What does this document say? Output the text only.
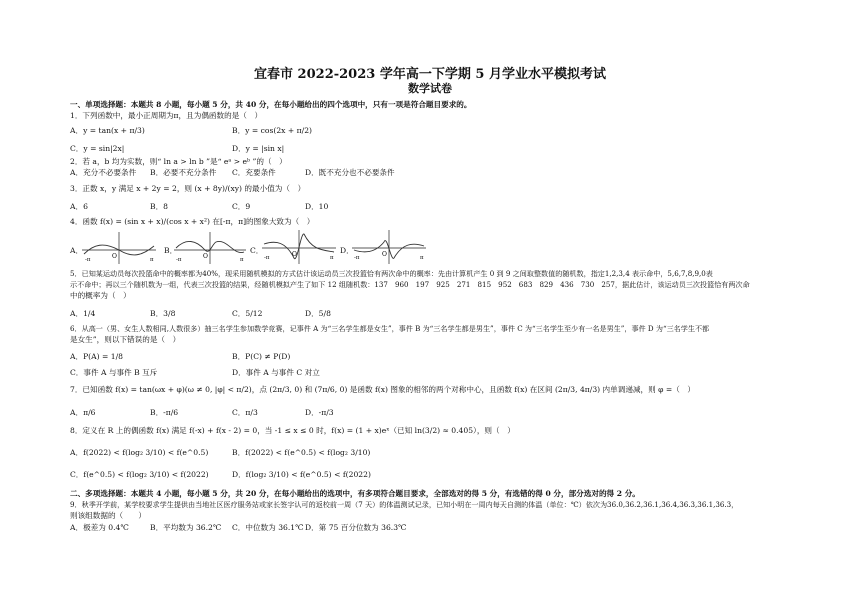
宜春市 2022-2023 学年高一下学期 5 月学业水平模拟考试
数学试卷
一、单项选择题：本题共 8 小题，每小题 5 分，共 40 分，在每小题给出的四个选项中，只有一项是符合题目要求的。
1．下列函数中，最小正周期为π，且为偶函数的是（　）
A．y = tan(x + π/3)	B．y = cos(2x + π/2)
C．y = sin|2x|	D．y = |sin x|
2．若 a，b 均为实数，则“ ln a > ln b ”是“ eᵃ > eᵇ ”的（　）
A．充分不必要条件 B．必要不充分条件 C．充要条件	D．既不充分也不必要条件
3．正数 x，y 满足 x + 2y = 2，则 (x + 8y)/(xy) 的最小值为（　）
A．6	B．8	C．9	D．10
4．函数 f(x) = (sin x + x)/(cos x + x²) 在[-π，π]的图象大致为（　）
A．	B．	C．	D．
-π	π
O	-π	π
O	-π	π
O	-π	π
O
5．已知某运动员每次投篮命中的概率都为40%，现采用随机模拟的方式估计该运动员三次投篮恰有两次命中的概率：先由计算机产生 0 到 9 之间取整数值的随机数，指定1,2,3,4 表示命中，5,6,7,8,9,0表
示不命中；再以三个随机数为一组，代表三次投篮的结果，经随机模拟产生了如下 12 组随机数：137　960　197　925　271　815　952　683　829　436　730　257，据此估计，该运动员三次投篮恰有两次命
中的概率为（　）
A．1/4	B．3/8	C．5/12	D．5/8
6．从高一（男、女生人数相同,人数很多）抽三名学生参加数学竞赛，记事件 A 为“三名学生都是女生”，事件 B 为“三名学生都是男生”，事件 C 为“三名学生至少有一名是男生”，事件 D 为“三名学生不都
是女生”，则以下错误的是（　）
A．P(A) = 1/8	B．P(C) ≠ P(D)
C．事件 A 与事件 B 互斥	D．事件 A 与事件 C 对立
7．已知函数 f(x) = tan(ωx + φ)(ω ≠ 0, |φ| < π/2)，点 (2π/3, 0) 和 (7π/6, 0) 是函数 f(x) 图象的相邻的两个对称中心，且函数 f(x) 在区间 (2π/3, 4π/3) 内单调递减，则 φ =（　）
A．π/6	B．-π/6	C．π/3	D．-π/3
8．定义在 R 上的偶函数 f(x) 满足 f(-x) + f(x - 2) = 0，当 -1 ≤ x ≤ 0 时，f(x) = (1 + x)eˣ（已知 ln(3/2) ≈ 0.405），则（　）
A．f(2022) < f(log₂ 3/10) < f(e^0.5)	B．f(2022) < f(e^0.5) < f(log₂ 3/10)
C．f(e^0.5) < f(log₂ 3/10) < f(2022)	D．f(log₂ 3/10) < f(e^0.5) < f(2022)
二、多项选择题：本题共 4 小题，每小题 5 分，共 20 分，在每小题给出的选项中，有多项符合题目要求，全部选对的得 5 分，有选错的得 0 分，部分选对的得 2 分。
9．秋季开学前，某学校要求学生提供由当地社区医疗服务站或家长签字认可的返校前一周（7 天）的体温测试记录，已知小明在一周内每天自测的体温（单位：℃）依次为36.0,36.2,36.1,36.4,36.3,36.1,36.3，
则该组数据的（　　）
A．极差为 0.4℃	B．平均数为 36.2℃ C．中位数为 36.1℃ D．第 75 百分位数为 36.3℃
